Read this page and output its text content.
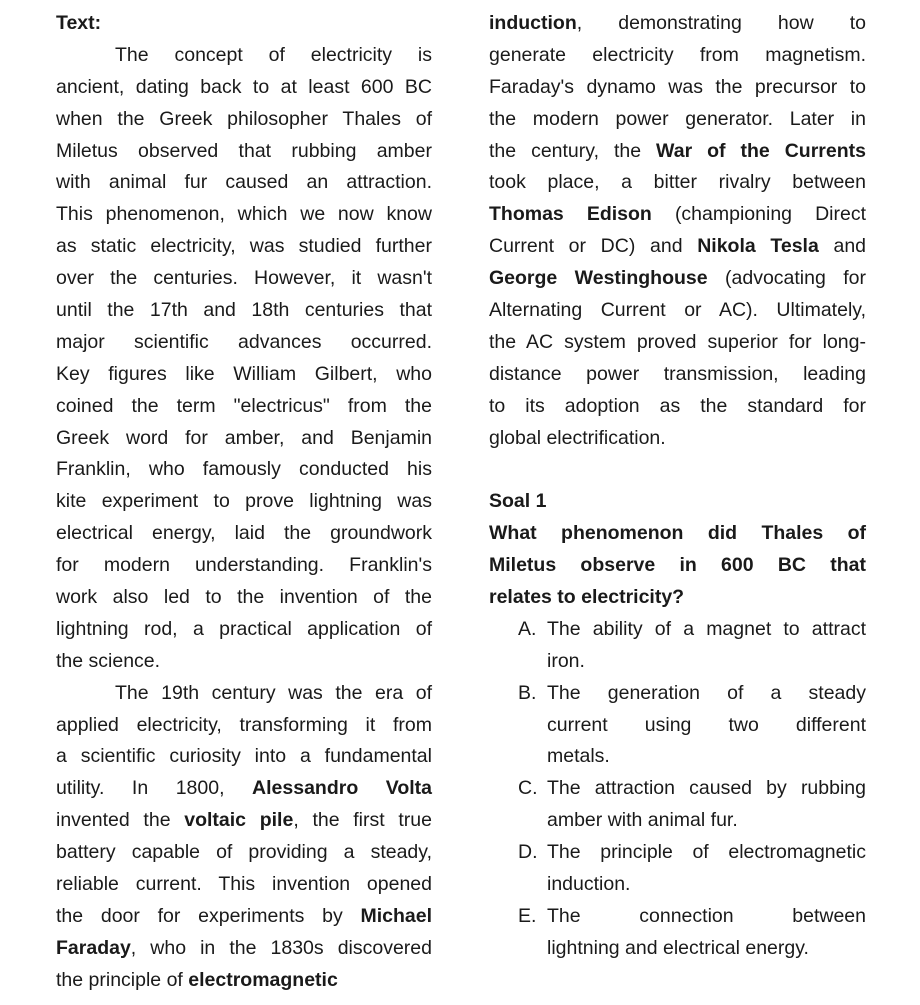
Text:
The concept of electricity is
ancient, dating back to at least 600 BC
when the Greek philosopher Thales of
Miletus observed that rubbing amber
with animal fur caused an attraction.
This phenomenon, which we now know
as static electricity, was studied further
over the centuries. However, it wasn't
until the 17th and 18th centuries that
major scientific advances occurred.
Key figures like William Gilbert, who
coined the term "electricus" from the
Greek word for amber, and Benjamin
Franklin, who famously conducted his
kite experiment to prove lightning was
electrical energy, laid the groundwork
for modern understanding. Franklin's
work also led to the invention of the
lightning rod, a practical application of
the science.
The 19th century was the era of
applied electricity, transforming it from
a scientific curiosity into a fundamental
utility. In 1800, Alessandro Volta
invented the voltaic pile, the first true
battery capable of providing a steady,
reliable current. This invention opened
the door for experiments by Michael
Faraday, who in the 1830s discovered
the principle of electromagnetic
induction, demonstrating how to
generate electricity from magnetism.
Faraday's dynamo was the precursor to
the modern power generator. Later in
the century, the War of the Currents
took place, a bitter rivalry between
Thomas Edison (championing Direct
Current or DC) and Nikola Tesla and
George Westinghouse (advocating for
Alternating Current or AC). Ultimately,
the AC system proved superior for long-
distance power transmission, leading
to its adoption as the standard for
global electrification.
Soal 1
What phenomenon did Thales of
Miletus observe in 600 BC that
relates to electricity?
A. The ability of a magnet to attract
iron.
B. The generation of a steady
current using two different
metals.
C. The attraction caused by rubbing
amber with animal fur.
D. The principle of electromagnetic
induction.
E. The connection between
lightning and electrical energy.
